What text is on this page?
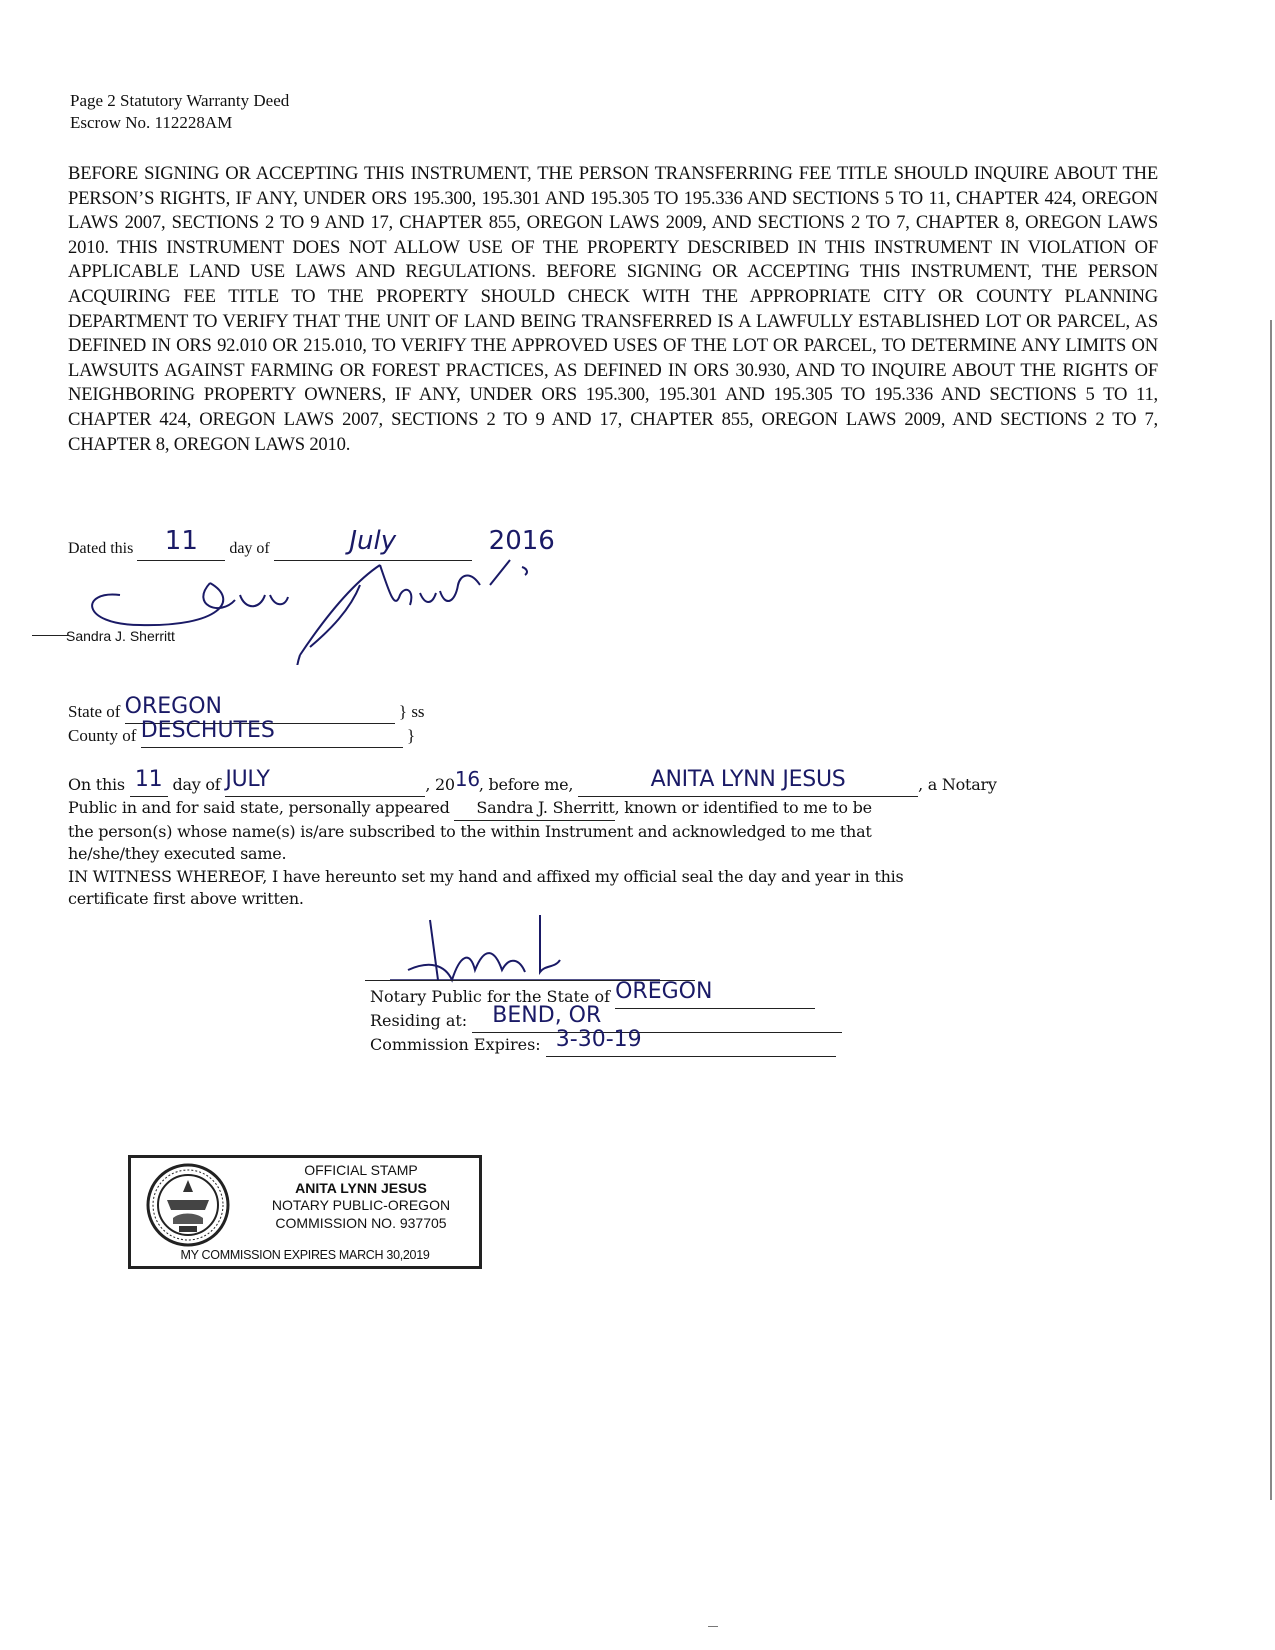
Page 2 Statutory Warranty Deed
Escrow No. 112228AM
BEFORE SIGNING OR ACCEPTING THIS INSTRUMENT, THE PERSON TRANSFERRING FEE TITLE SHOULD INQUIRE ABOUT THE PERSON’S RIGHTS, IF ANY, UNDER ORS 195.300, 195.301 AND 195.305 TO 195.336 AND SECTIONS 5 TO 11, CHAPTER 424, OREGON LAWS 2007, SECTIONS 2 TO 9 AND 17, CHAPTER 855, OREGON LAWS 2009, AND SECTIONS 2 TO 7, CHAPTER 8, OREGON LAWS 2010. THIS INSTRUMENT DOES NOT ALLOW USE OF THE PROPERTY DESCRIBED IN THIS INSTRUMENT IN VIOLATION OF APPLICABLE LAND USE LAWS AND REGULATIONS. BEFORE SIGNING OR ACCEPTING THIS INSTRUMENT, THE PERSON ACQUIRING FEE TITLE TO THE PROPERTY SHOULD CHECK WITH THE APPROPRIATE CITY OR COUNTY PLANNING DEPARTMENT TO VERIFY THAT THE UNIT OF LAND BEING TRANSFERRED IS A LAWFULLY ESTABLISHED LOT OR PARCEL, AS DEFINED IN ORS 92.010 OR 215.010, TO VERIFY THE APPROVED USES OF THE LOT OR PARCEL, TO DETERMINE ANY LIMITS ON LAWSUITS AGAINST FARMING OR FOREST PRACTICES, AS DEFINED IN ORS 30.930, AND TO INQUIRE ABOUT THE RIGHTS OF NEIGHBORING PROPERTY OWNERS, IF ANY, UNDER ORS 195.300, 195.301 AND 195.305 TO 195.336 AND SECTIONS 5 TO 11, CHAPTER 424, OREGON LAWS 2007, SECTIONS 2 TO 9 AND 17, CHAPTER 855, OREGON LAWS 2009, AND SECTIONS 2 TO 7, CHAPTER 8, OREGON LAWS 2010.
Dated this 11 day of	July	2016
Sandra J. Sherritt
State of OREGON	} ss
County of DESCHUTES	}

On this 11 day of JULY	, 2016, before me,	ANITA LYNN JESUS	, a Notary

Public in and for said state, personally appeared Sandra J. Sherritt, known or identified to me to be

the person(s) whose name(s) is/are subscribed to the within Instrument and acknowledged to me that

he/she/they executed same.

IN WITNESS WHEREOF, I have hereunto set my hand and affixed my official seal the day and year in this

certificate first above written.

Notary Public for the State of OREGON
Residing at: BEND, OR
Commission Expires: 3-30-19
OFFICIAL STAMP
ANITA LYNN JESUS
NOTARY PUBLIC-OREGON
COMMISSION NO. 937705
MY COMMISSION EXPIRES MARCH 30,2019
